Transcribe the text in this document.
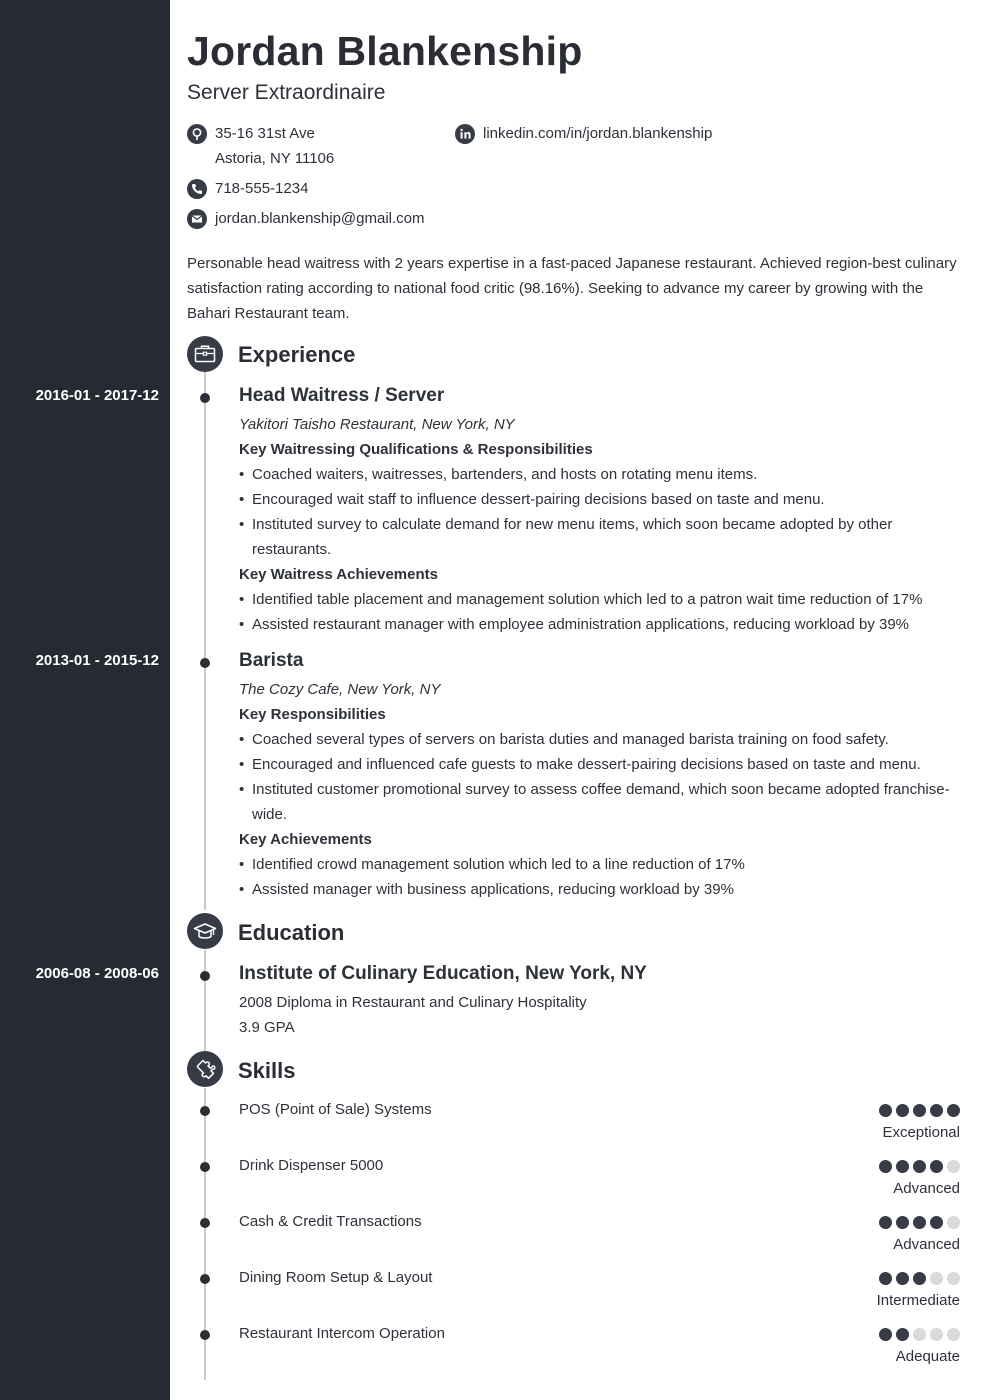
Jordan Blankenship
Server Extraordinaire
35-16 31st Ave
Astoria, NY 11106
linkedin.com/in/jordan.blankenship
718-555-1234
jordan.blankenship@gmail.com
Personable head waitress with 2 years expertise in a fast-paced Japanese restaurant. Achieved region-best culinary satisfaction rating according to national food critic (98.16%). Seeking to advance my career by growing with the Bahari Restaurant team.
Experience
Education
Skills
2016-01 - 2017-12	Head Waitress / Server
Yakitori Taisho Restaurant, New York, NY
Key Waitressing Qualifications & Responsibilities
• Coached waiters, waitresses, bartenders, and hosts on rotating menu items.
• Encouraged wait staff to influence dessert-pairing decisions based on taste and menu.
• Instituted survey to calculate demand for new menu items, which soon became adopted by other restaurants.
Key Waitress Achievements
• Identified table placement and management solution which led to a patron wait time reduction of 17%
• Assisted restaurant manager with employee administration applications, reducing workload by 39%
2013-01 - 2015-12	Barista
The Cozy Cafe, New York, NY
Key Responsibilities
• Coached several types of servers on barista duties and managed barista training on food safety.
• Encouraged and influenced cafe guests to make dessert-pairing decisions based on taste and menu.
• Instituted customer promotional survey to assess coffee demand, which soon became adopted franchise-wide.
Key Achievements
• Identified crowd management solution which led to a line reduction of 17%
• Assisted manager with business applications, reducing workload by 39%
2006-08 - 2008-06	Institute of Culinary Education, New York, NY
2008 Diploma in Restaurant and Culinary Hospitality
3.9 GPA
POS (Point of Sale) Systems
Exceptional
Drink Dispenser 5000
Advanced
Cash & Credit Transactions
Advanced
Dining Room Setup & Layout
Intermediate
Restaurant Intercom Operation
Adequate
